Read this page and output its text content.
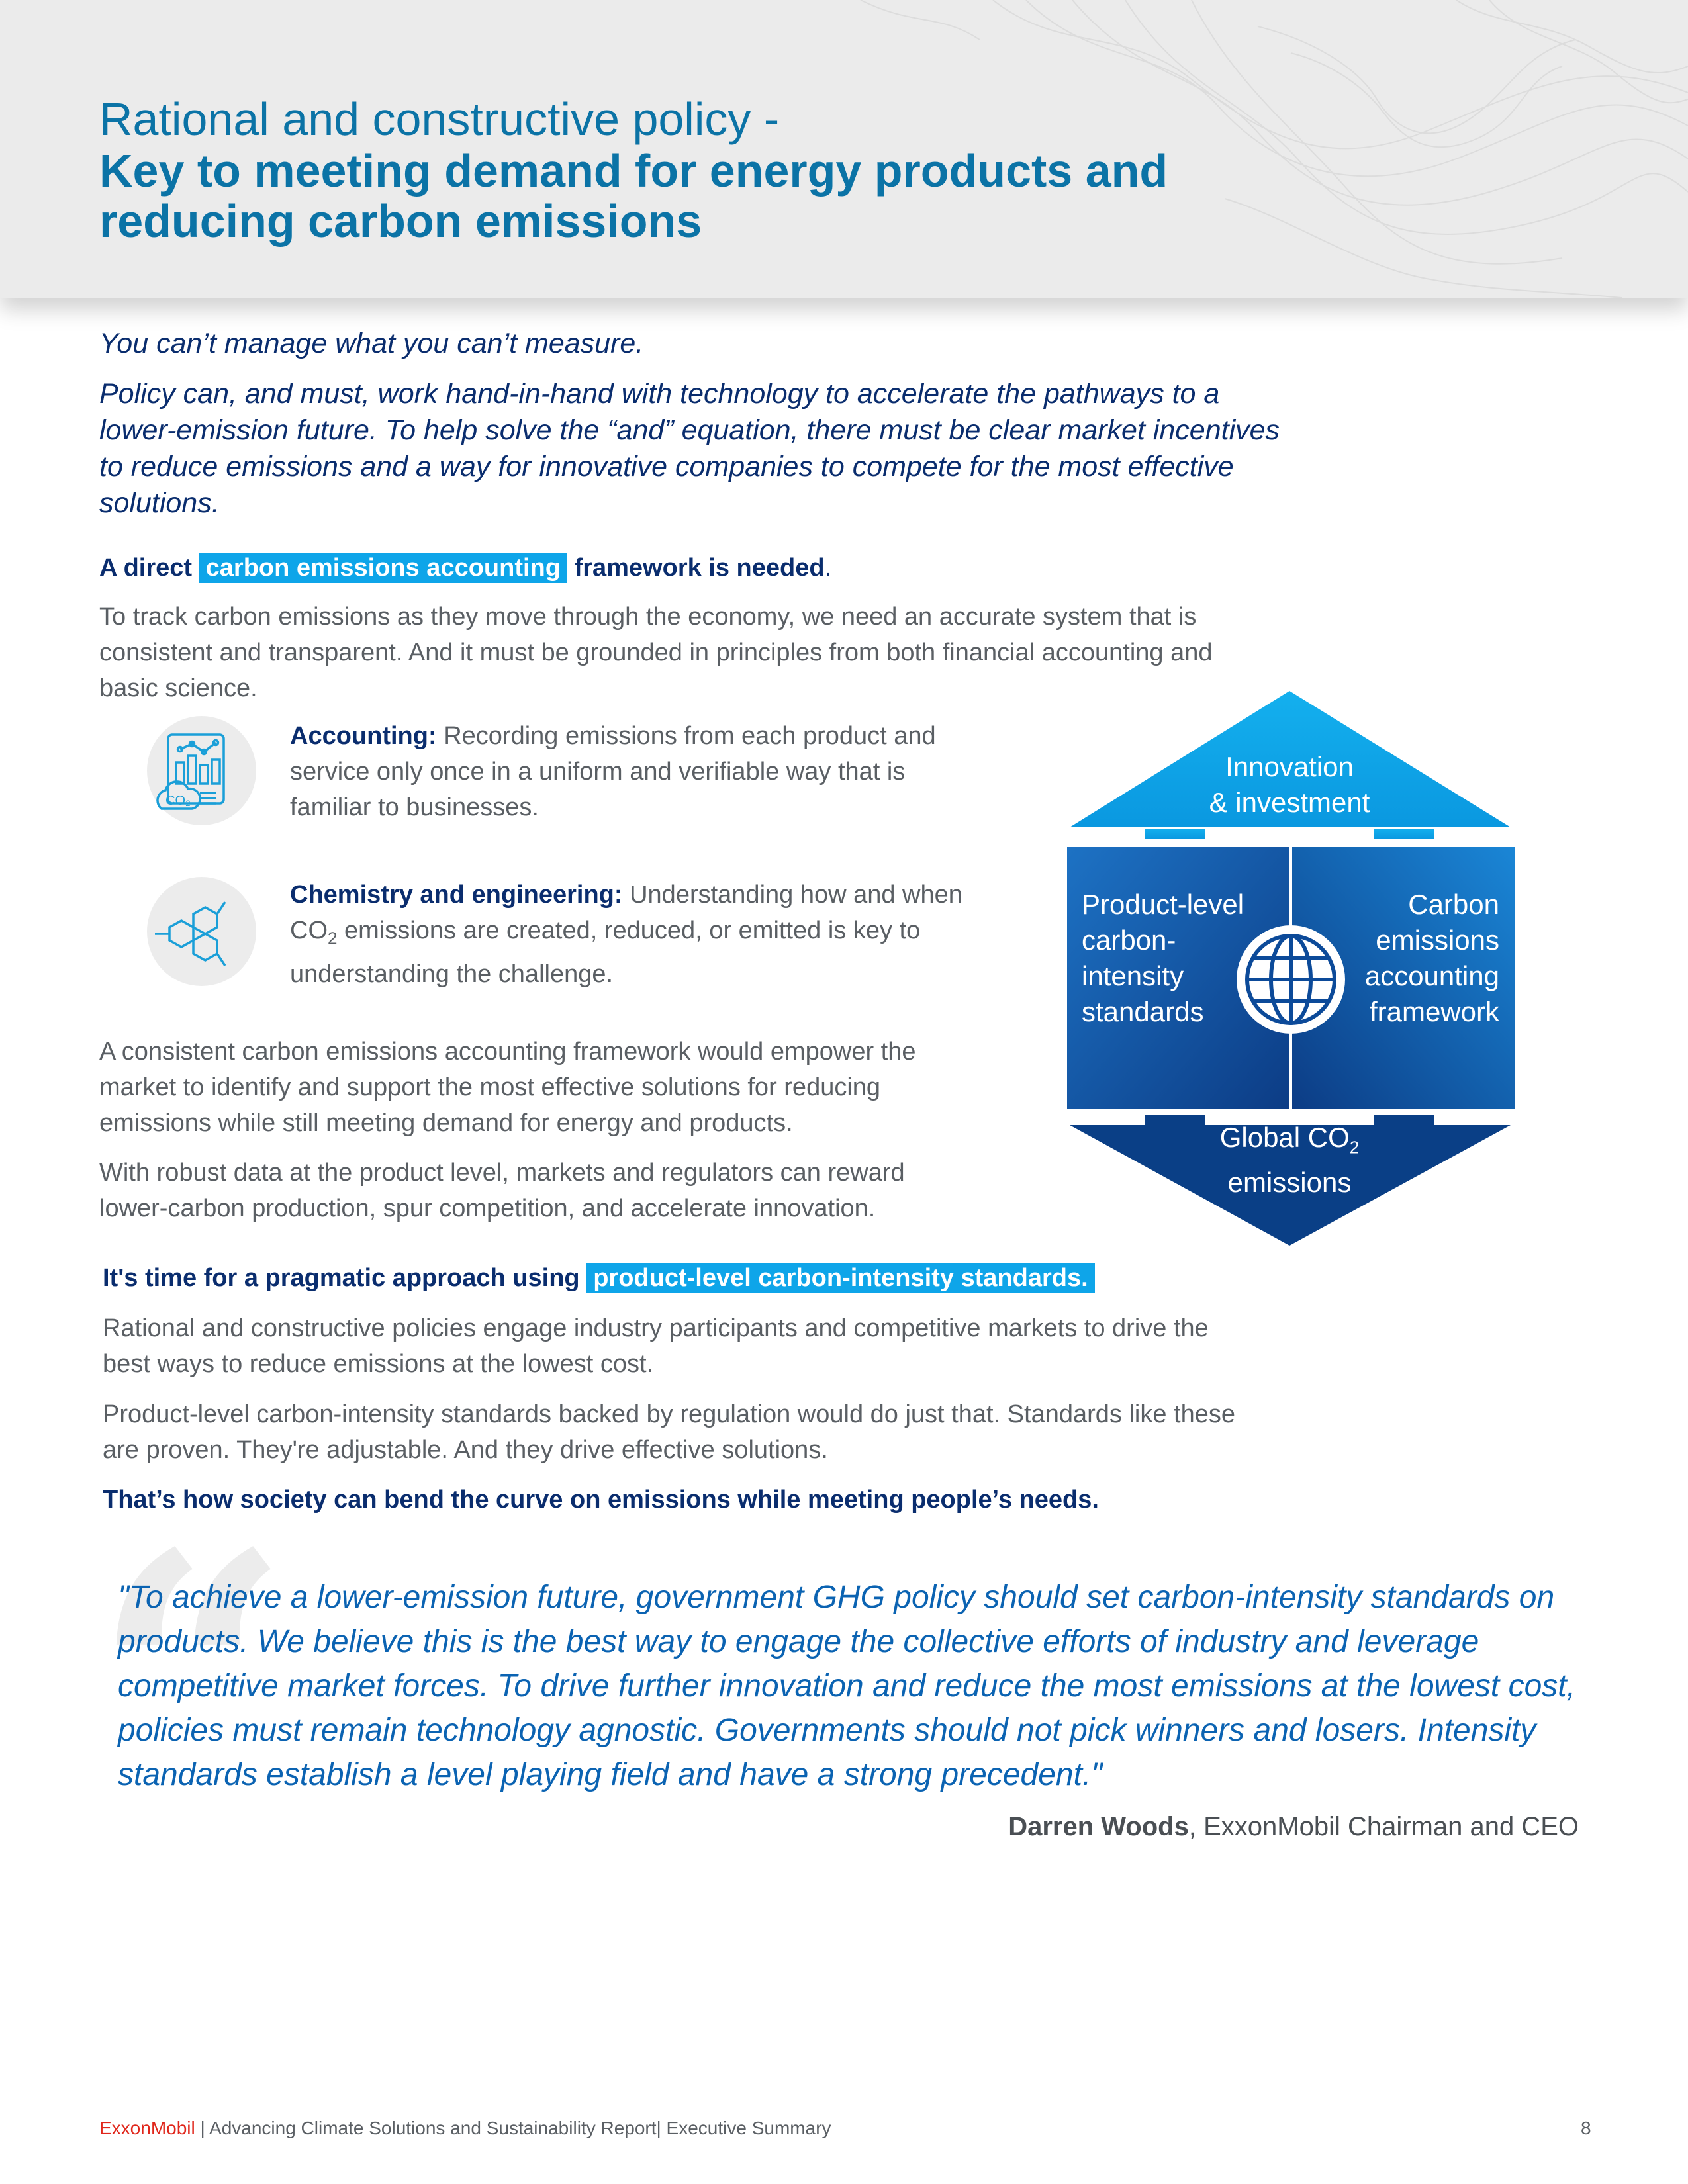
Rational and constructive policy -
Key to meeting demand for energy products and reducing carbon emissions
You can’t manage what you can’t measure.
Policy can, and must, work hand-in-hand with technology to accelerate the pathways to a lower-emission future. To help solve the “and” equation, there must be clear market incentives to reduce emissions and a way for innovative companies to compete for the most effective solutions.
A direct carbon emissions accounting framework is needed.
To track carbon emissions as they move through the economy, we need an accurate system that is consistent and transparent. And it must be grounded in principles from both financial accounting and basic science.
CO₂
Accounting: Recording emissions from each product and service only once in a uniform and verifiable way that is familiar to businesses.
Chemistry and engineering: Understanding how and when $CO_2$ emissions are created, reduced, or emitted is key to understanding the challenge.
A consistent carbon emissions accounting framework would empower the market to identify and support the most effective solutions for reducing emissions while still meeting demand for energy and products.
With robust data at the product level, markets and regulators can reward lower-carbon production, spur competition, and accelerate innovation.
Innovation
& investment
Product-level
carbon-
intensity
standards
Carbon
emissions
accounting
framework
Global $CO_2$
emissions
It's time for a pragmatic approach using product-level carbon-intensity standards.
Rational and constructive policies engage industry participants and competitive markets to drive the best ways to reduce emissions at the lowest cost.
Product-level carbon-intensity standards backed by regulation would do just that. Standards like these are proven. They're adjustable. And they drive effective solutions.
That’s how society can bend the curve on emissions while meeting people’s needs.
“
"To achieve a lower-emission future, government GHG policy should set carbon-intensity standards on products. We believe this is the best way to engage the collective efforts of industry and leverage competitive market forces. To drive further innovation and reduce the most emissions at the lowest cost, policies must remain technology agnostic. Governments should not pick winners and losers. Intensity standards establish a level playing field and have a strong precedent."
Darren Woods, ExxonMobil Chairman and CEO
ExxonMobil | Advancing Climate Solutions and Sustainability Report| Executive Summary	8
